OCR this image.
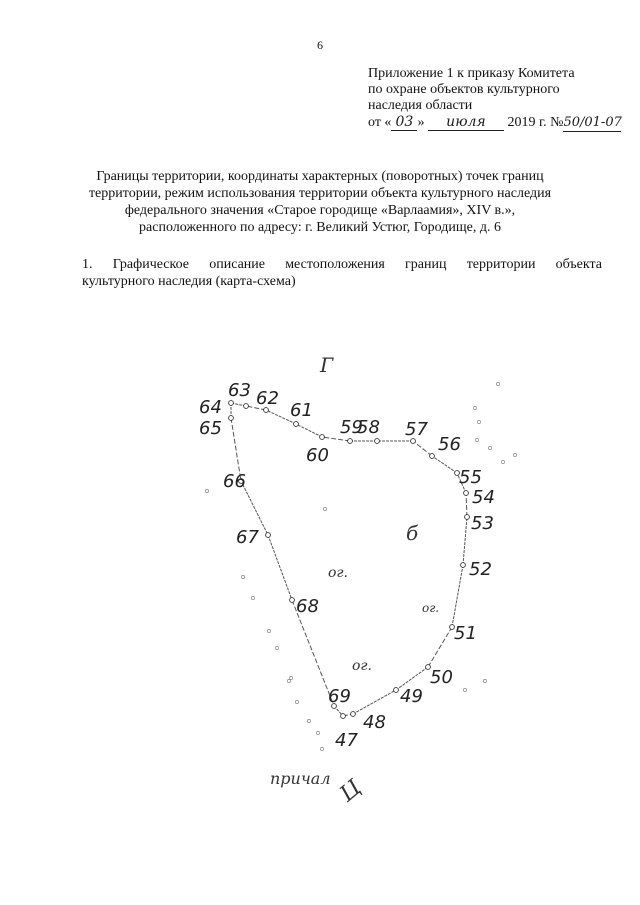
6
Приложение 1 к приказу Комитета
по охране объектов культурного
наследия области
от « 03 » июля 2019 г. №50/01-07
Границы территории, координаты характерных (поворотных) точек границ
территории, режим использования территории объекта культурного наследия
федерального значения «Старое городище «Варлаамия», XIV в.»,
расположенного по адресу: г. Великий Устюг, Городище, д. 6
1. Графическое описание местоположения границ территории объекта
культурного наследия (карта-схема)
47
48
49
50
51
52
53
54
55
56
57
58
59
60
61
62
63
64
65
66
67
68
69
Г
б
ог.
ог.
ог.
причал Ц
